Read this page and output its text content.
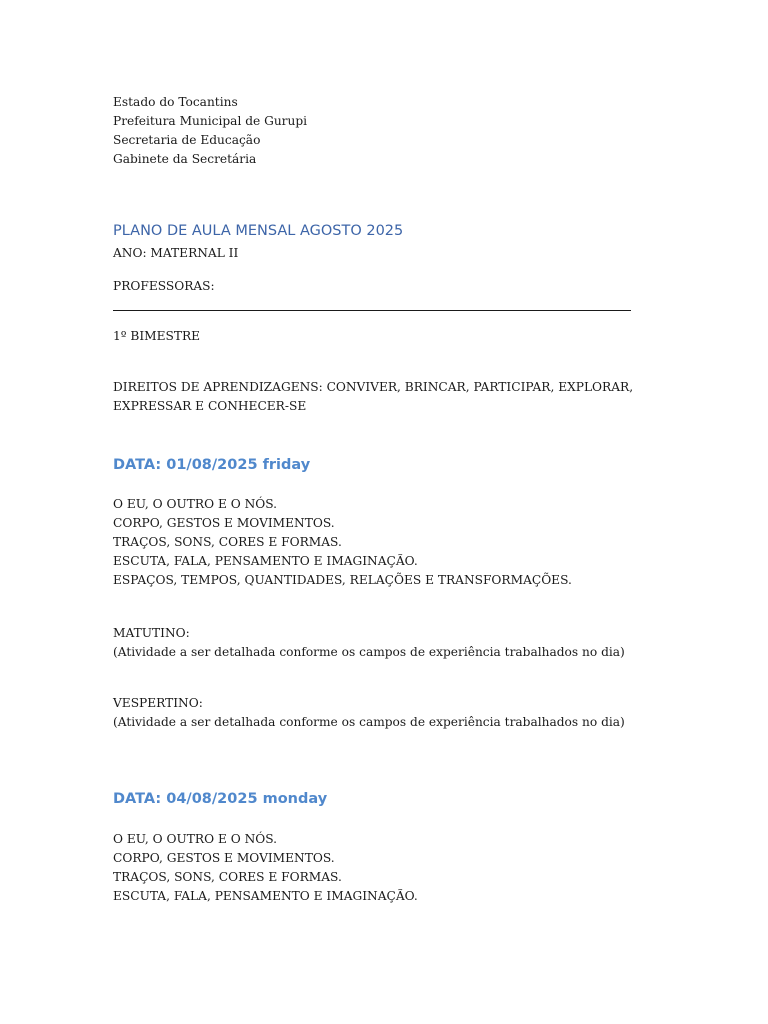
Estado do Tocantins
Prefeitura Municipal de Gurupi
Secretaria de Educação
Gabinete da Secretária
PLANO DE AULA MENSAL AGOSTO 2025

ANO: MATERNAL II

PROFESSORAS:

1º BIMESTRE

DIREITOS DE APRENDIZAGENS: CONVIVER, BRINCAR, PARTICIPAR, EXPLORAR,
EXPRESSAR E CONHECER-SE
DATA: 01/08/2025 friday
O EU, O OUTRO E O NÓS.
CORPO, GESTOS E MOVIMENTOS.
TRAÇOS, SONS, CORES E FORMAS.
ESCUTA, FALA, PENSAMENTO E IMAGINAÇÃO.
ESPAÇOS, TEMPOS, QUANTIDADES, RELAÇÕES E TRANSFORMAÇÕES.
MATUTINO:
(Atividade a ser detalhada conforme os campos de experiência trabalhados no dia)
VESPERTINO:
(Atividade a ser detalhada conforme os campos de experiência trabalhados no dia)
DATA: 04/08/2025 monday
O EU, O OUTRO E O NÓS.
CORPO, GESTOS E MOVIMENTOS.
TRAÇOS, SONS, CORES E FORMAS.
ESCUTA, FALA, PENSAMENTO E IMAGINAÇÃO.
